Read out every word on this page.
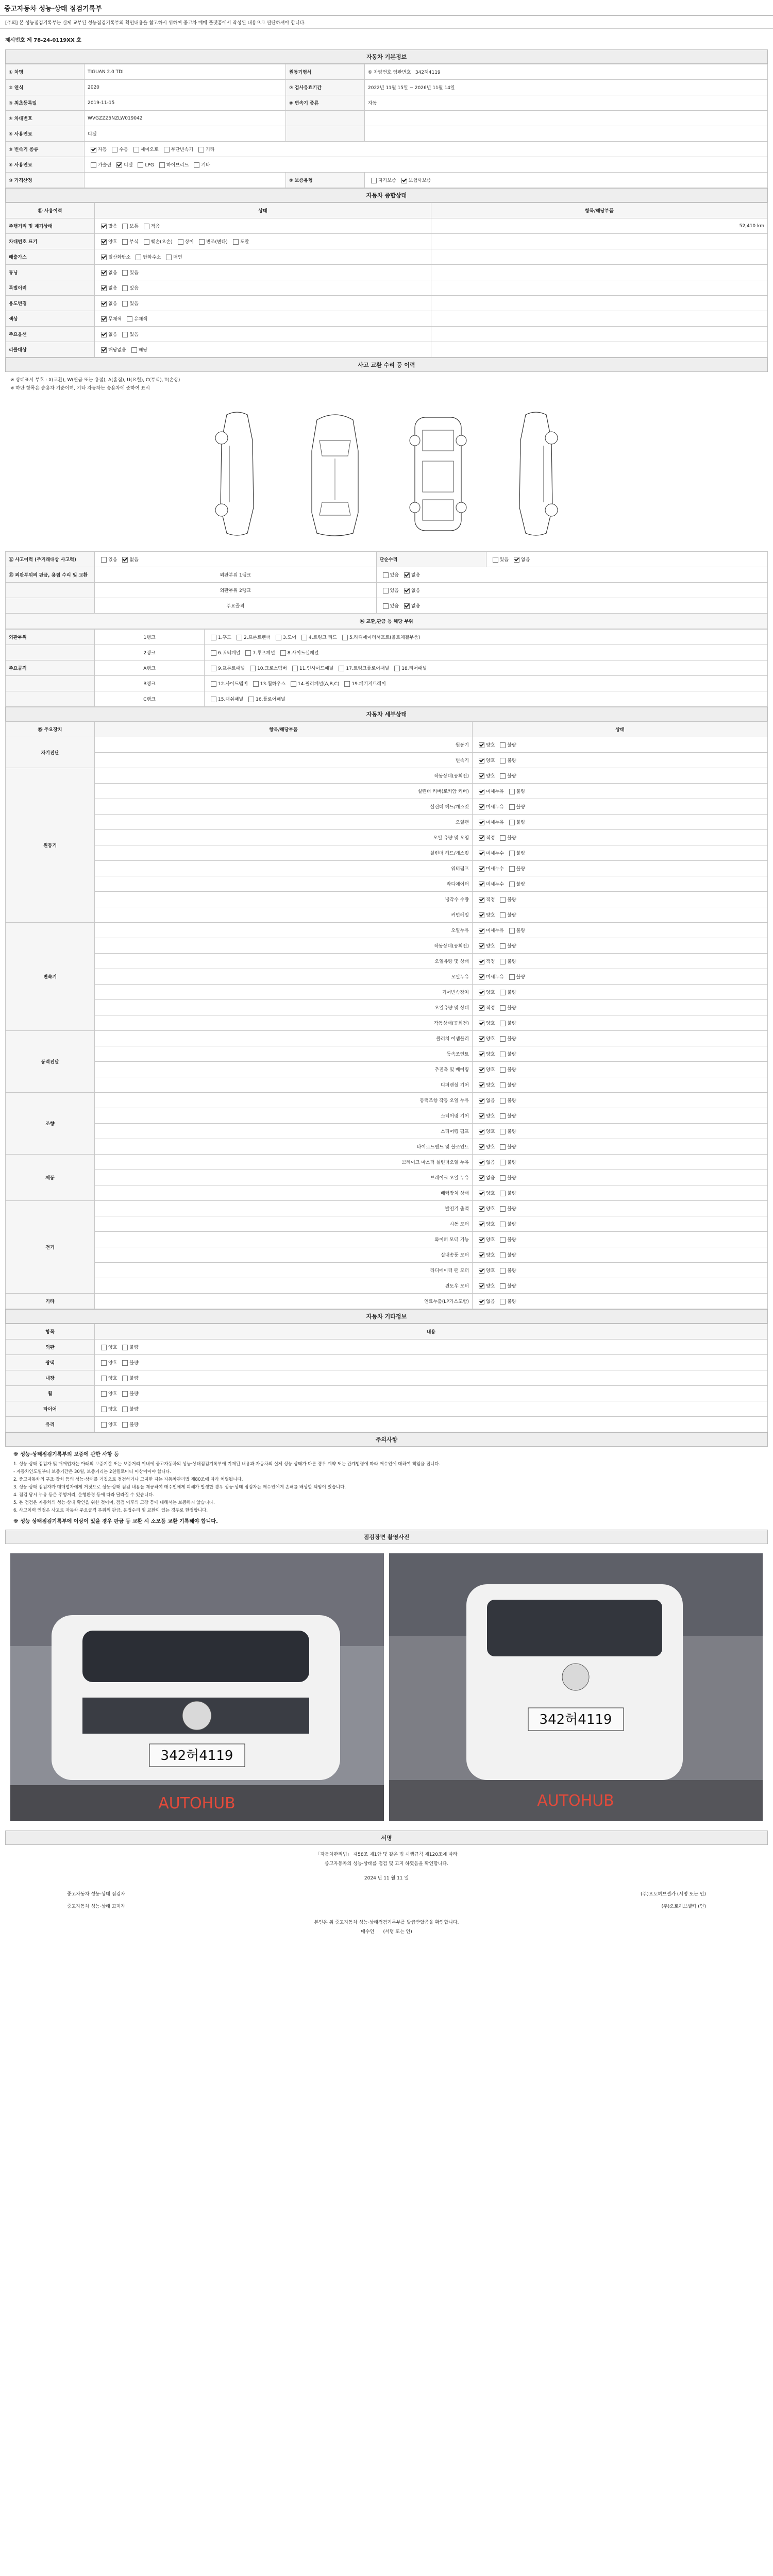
중고자동차 성능·상태 점검기록부
[주의] 본 성능점검기록부는 실제 교부된 성능점검기록부의 확인내용을 참고하시 위하여 중고차 매매 플랫폼에서 작성된 내용으로 판단하셔야 합니다.
제시번호
제 78-24-0119XX 호
자동차 기본정보
① 차명	TIGUAN 2.0 TDI	원동기형식	⑥ 차량번호 임판번호   342허4119
② 연식	2020	⑦ 검사유효기간	2022년 11월 15일 ~ 2026년 11월 14일
③ 최초등록일	2019-11-15	⑧ 변속기 종류	자동
④ 차대번호	WVGZZZ5NZLW019042		
⑤ 사용연료	디젤		
⑧ 변속기 종류	자동 수동 세미오토 무단변속기 기타		
⑤ 사용연료	가솔린 디젤 LPG 하이브리드 기타		
⑩ 가격산정		⑨ 보증유형	자가보증 보험사보증
자동차 종합상태
⑪ 사용이력	상태	항목/해당부품
주행거리 및 계기상태	많음 보통 적음	52,410 km
차대번호 표기	양호 부식 훼손(오손) 상이 변조(변타) 도말	
배출가스	일산화탄소 탄화수소 매연	
튜닝	없음 있음	
특별이력	없음 있음	
용도변경	없음 있음	
색상	무채색 유채색	
주요옵션	없음 있음	
리콜대상	해당없음 해당	
사고 교환 수리 등 이력
※ 상태표시 부호 : X(교환), W(판금 또는 용접), A(흠집), U(요철), C(부식), T(손상)
※ 하단 항목은 승용차 기준이며, 기타 자동차는 승용차에 준하여 표시
⑫ 사고이력 (주거래대상 사고력)	있음 없음	단순수리	있음 없음
⑬ 외판부위의 판금, 용접 수리 및 교환	외판부위 1랭크	있음 없음	
	외판부위 2랭크	있음 없음	
	주요골격	있음 없음	
⑭ 교환,판금 등 해당 부위			
외판부위	1랭크	1.후드 2.프론트펜더 3.도어 4.트렁크 리드 5.라디에이터서포트(볼트체결부품)
	2랭크	6.쿼터패널 7.루프패널 8.사이드실패널
주요골격	A랭크	9.프론트패널 10.크로스멤버 11.인사이드패널 17.트렁크플로어패널 18.리어패널
	B랭크	12.사이드멤버 13.휠하우스 14.필러패널(A,B,C) 19.패키지트레이
	C랭크	15.대쉬패널 16.플로어패널
자동차 세부상태
⑮ 주요장치	항목/해당부품	상태
자기진단	원동기	양호 불량
	변속기	양호 불량
원동기	작동상태(공회전)	양호 불량
	실린더 커버(로커암 커버)	미세누유 불량
	실린더 헤드/개스킷	미세누유 불량
	오일팬	미세누유 불량
	오일 유량 및 오염	적정 불량
	실린더 헤드/개스킷	미세누수 불량
	워터펌프	미세누수 불량
	라디에이터	미세누수 불량
	냉각수 수량	적정 불량
	커먼레일	양호 불량
변속기	오일누유	미세누유 불량
	작동상태(공회전)	양호 불량
	오일유량 및 상태	적정 불량
	오일누유	미세누유 불량
	기어변속장치	양호 불량
	오일유량 및 상태	적정 불량
	작동상태(공회전)	양호 불량
동력전달	클러치 어셈블리	양호 불량
	등속조인트	양호 불량
	추진축 및 베어링	양호 불량
	디퍼렌셜 기어	양호 불량
조향	동력조향 작동 오일 누유	없음 불량
	스티어링 기어	양호 불량
	스티어링 펌프	양호 불량
	타이로드엔드 및 볼조인트	양호 불량
제동	브레이크 마스터 실린더오일 누유	없음 불량
	브레이크 오일 누유	없음 불량
	배력장치 상태	양호 불량
전기	발전기 출력	양호 불량
	시동 모터	양호 불량
	와이퍼 모터 기능	양호 불량
	실내송풍 모터	양호 불량
	라디에이터 팬 모터	양호 불량
	윈도우 모터	양호 불량
기타	연료누출(LP가스포함)	없음 불량
자동차 기타정보
항목	내용
외판	양호 불량
광택	양호 불량
내장	양호 불량
휠	양호 불량
타이어	양호 불량
유리	양호 불량
주의사항
※ 성능·상태점검기록부의 보증에 관한 사항 등
1. 성능·상태 점검자 및 매매업자는 아래의 보증기간 또는 보증거리 이내에 중고자동차의 성능·상태점검기록부에 기재된 내용과 자동차의 실제 성능·상태가 다른 경우 계약 또는 관계법령에 따라 매수인에 대하여 책임을 집니다.
- 자동차인도일부터 보증기간은 30일, 보증거리는 2천킬로미터 이상이어야 합니다.
2. 중고자동차의 구조·장치 등의 성능·상태를 거짓으로 점검하거나 고지한 자는 자동차관리법 제80조에 따라 처벌됩니다.
3. 성능·상태 점검자가 매매업자에게 거짓으로 성능·상태 점검 내용을 제공하여 매수인에게 피해가 발생한 경우 성능·상태 점검자는 매수인에게 손해를 배상할 책임이 있습니다.
4. 점검 당시 누유 등은 주행거리, 운행환경 등에 따라 달라질 수 있습니다.
5. 본 점검은 자동차의 성능·상태 확인을 위한 것이며, 점검 이후의 고장 등에 대해서는 보증하지 않습니다.
6. 사고이력 인정은 사고로 자동차 주요골격 부위의 판금, 용접수리 및 교환이 있는 경우로 한정합니다.
※ 성능 상태점검기록부에 이상이 있을 경우 판금 등 교환 시 소모품 교환 기록해야 합니다.
점검장면 촬영사진
342허4119
AUTOHUB
342허4119
AUTOHUB
서명
「자동차관리법」 제58조 제1항 및 같은 법 시행규칙 제120조에 따라
중고자동차의 성능·상태를 점검 및 고지 하였음을 확인합니다.
2024 년 11 월 11 일
중고자동차 성능·상태 점검자	(주)오토허브셀카 (서명 또는 인)
중고자동차 성능·상태 고지자	(주)오토허브셀카 (인)
본인은 위 중고자동차 성능·상태점검기록부를 발급받았음을 확인합니다.
매수인 (서명 또는 인)
